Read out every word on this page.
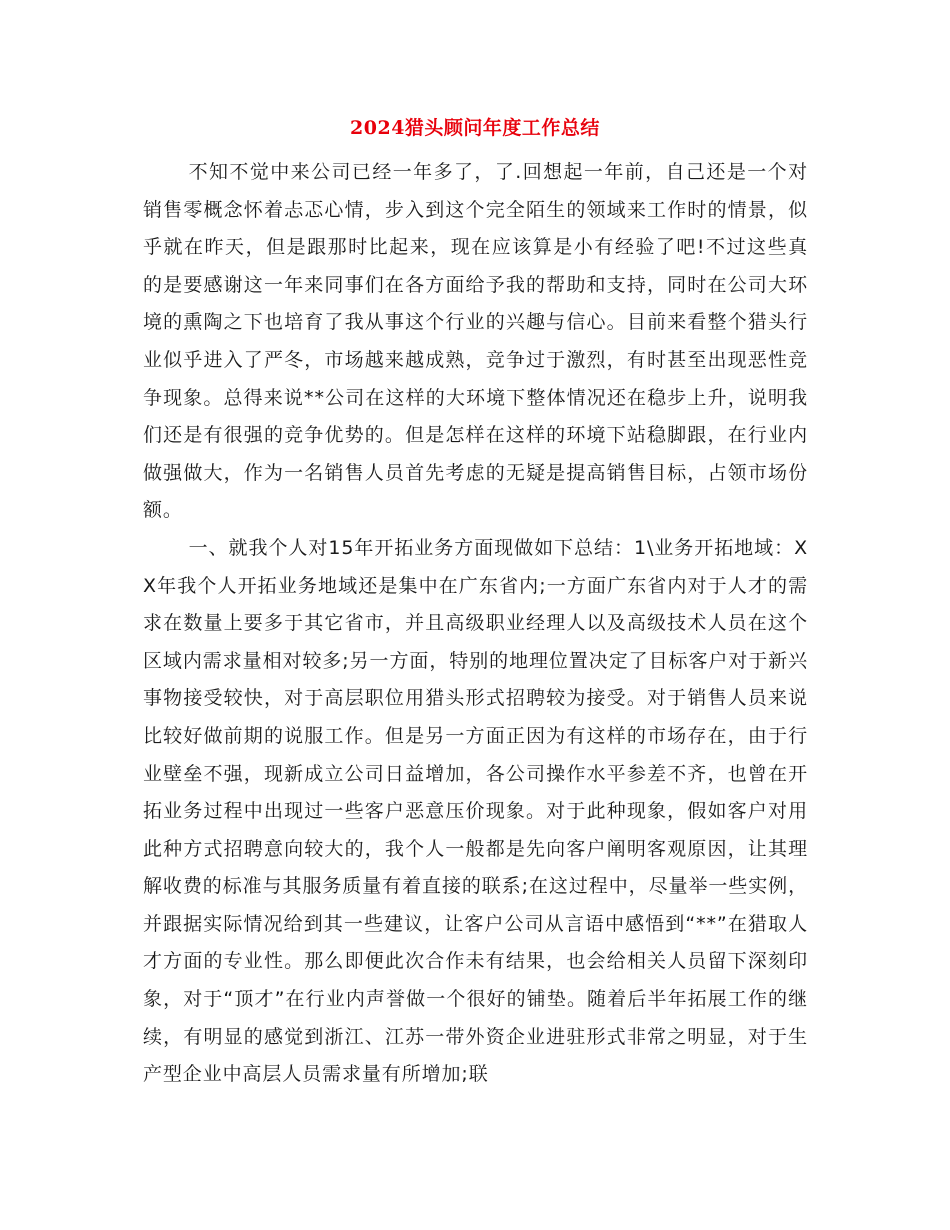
2024猎头顾问年度工作总结

不知不觉中来公司已经一年多了，了.回想起一年前，自己还是一个对销售零概念怀着忐忑心情，步入到这个完全陌生的领域来工作时的情景，似乎就在昨天，但是跟那时比起来，现在应该算是小有经验了吧!不过这些真的是要感谢这一年来同事们在各方面给予我的帮助和支持，同时在公司大环境的熏陶之下也培育了我从事这个行业的兴趣与信心。目前来看整个猎头行业似乎进入了严冬，市场越来越成熟，竞争过于激烈，有时甚至出现恶性竞争现象。总得来说**公司在这样的大环境下整体情况还在稳步上升，说明我们还是有很强的竞争优势的。但是怎样在这样的环境下站稳脚跟，在行业内做强做大，作为一名销售人员首先考虑的无疑是提高销售目标，占领市场份额。

一、就我个人对15年开拓业务方面现做如下总结：1\业务开拓地域：XX年我个人开拓业务地域还是集中在广东省内;一方面广东省内对于人才的需求在数量上要多于其它省市，并且高级职业经理人以及高级技术人员在这个区域内需求量相对较多;另一方面，特别的地理位置决定了目标客户对于新兴事物接受较快，对于高层职位用猎头形式招聘较为接受。对于销售人员来说比较好做前期的说服工作。但是另一方面正因为有这样的市场存在，由于行业壁垒不强，现新成立公司日益增加，各公司操作水平参差不齐，也曾在开拓业务过程中出现过一些客户恶意压价现象。对于此种现象，假如客户对用此种方式招聘意向较大的，我个人一般都是先向客户阐明客观原因，让其理解收费的标准与其服务质量有着直接的联系;在这过程中，尽量举一些实例，并跟据实际情况给到其一些建议，让客户公司从言语中感悟到“**”在猎取人才方面的专业性。那么即便此次合作未有结果，也会给相关人员留下深刻印象，对于“顶才”在行业内声誉做一个很好的铺垫。随着后半年拓展工作的继续，有明显的感觉到浙江、江苏一带外资企业进驻形式非常之明显，对于生产型企业中高层人员需求量有所增加;联
